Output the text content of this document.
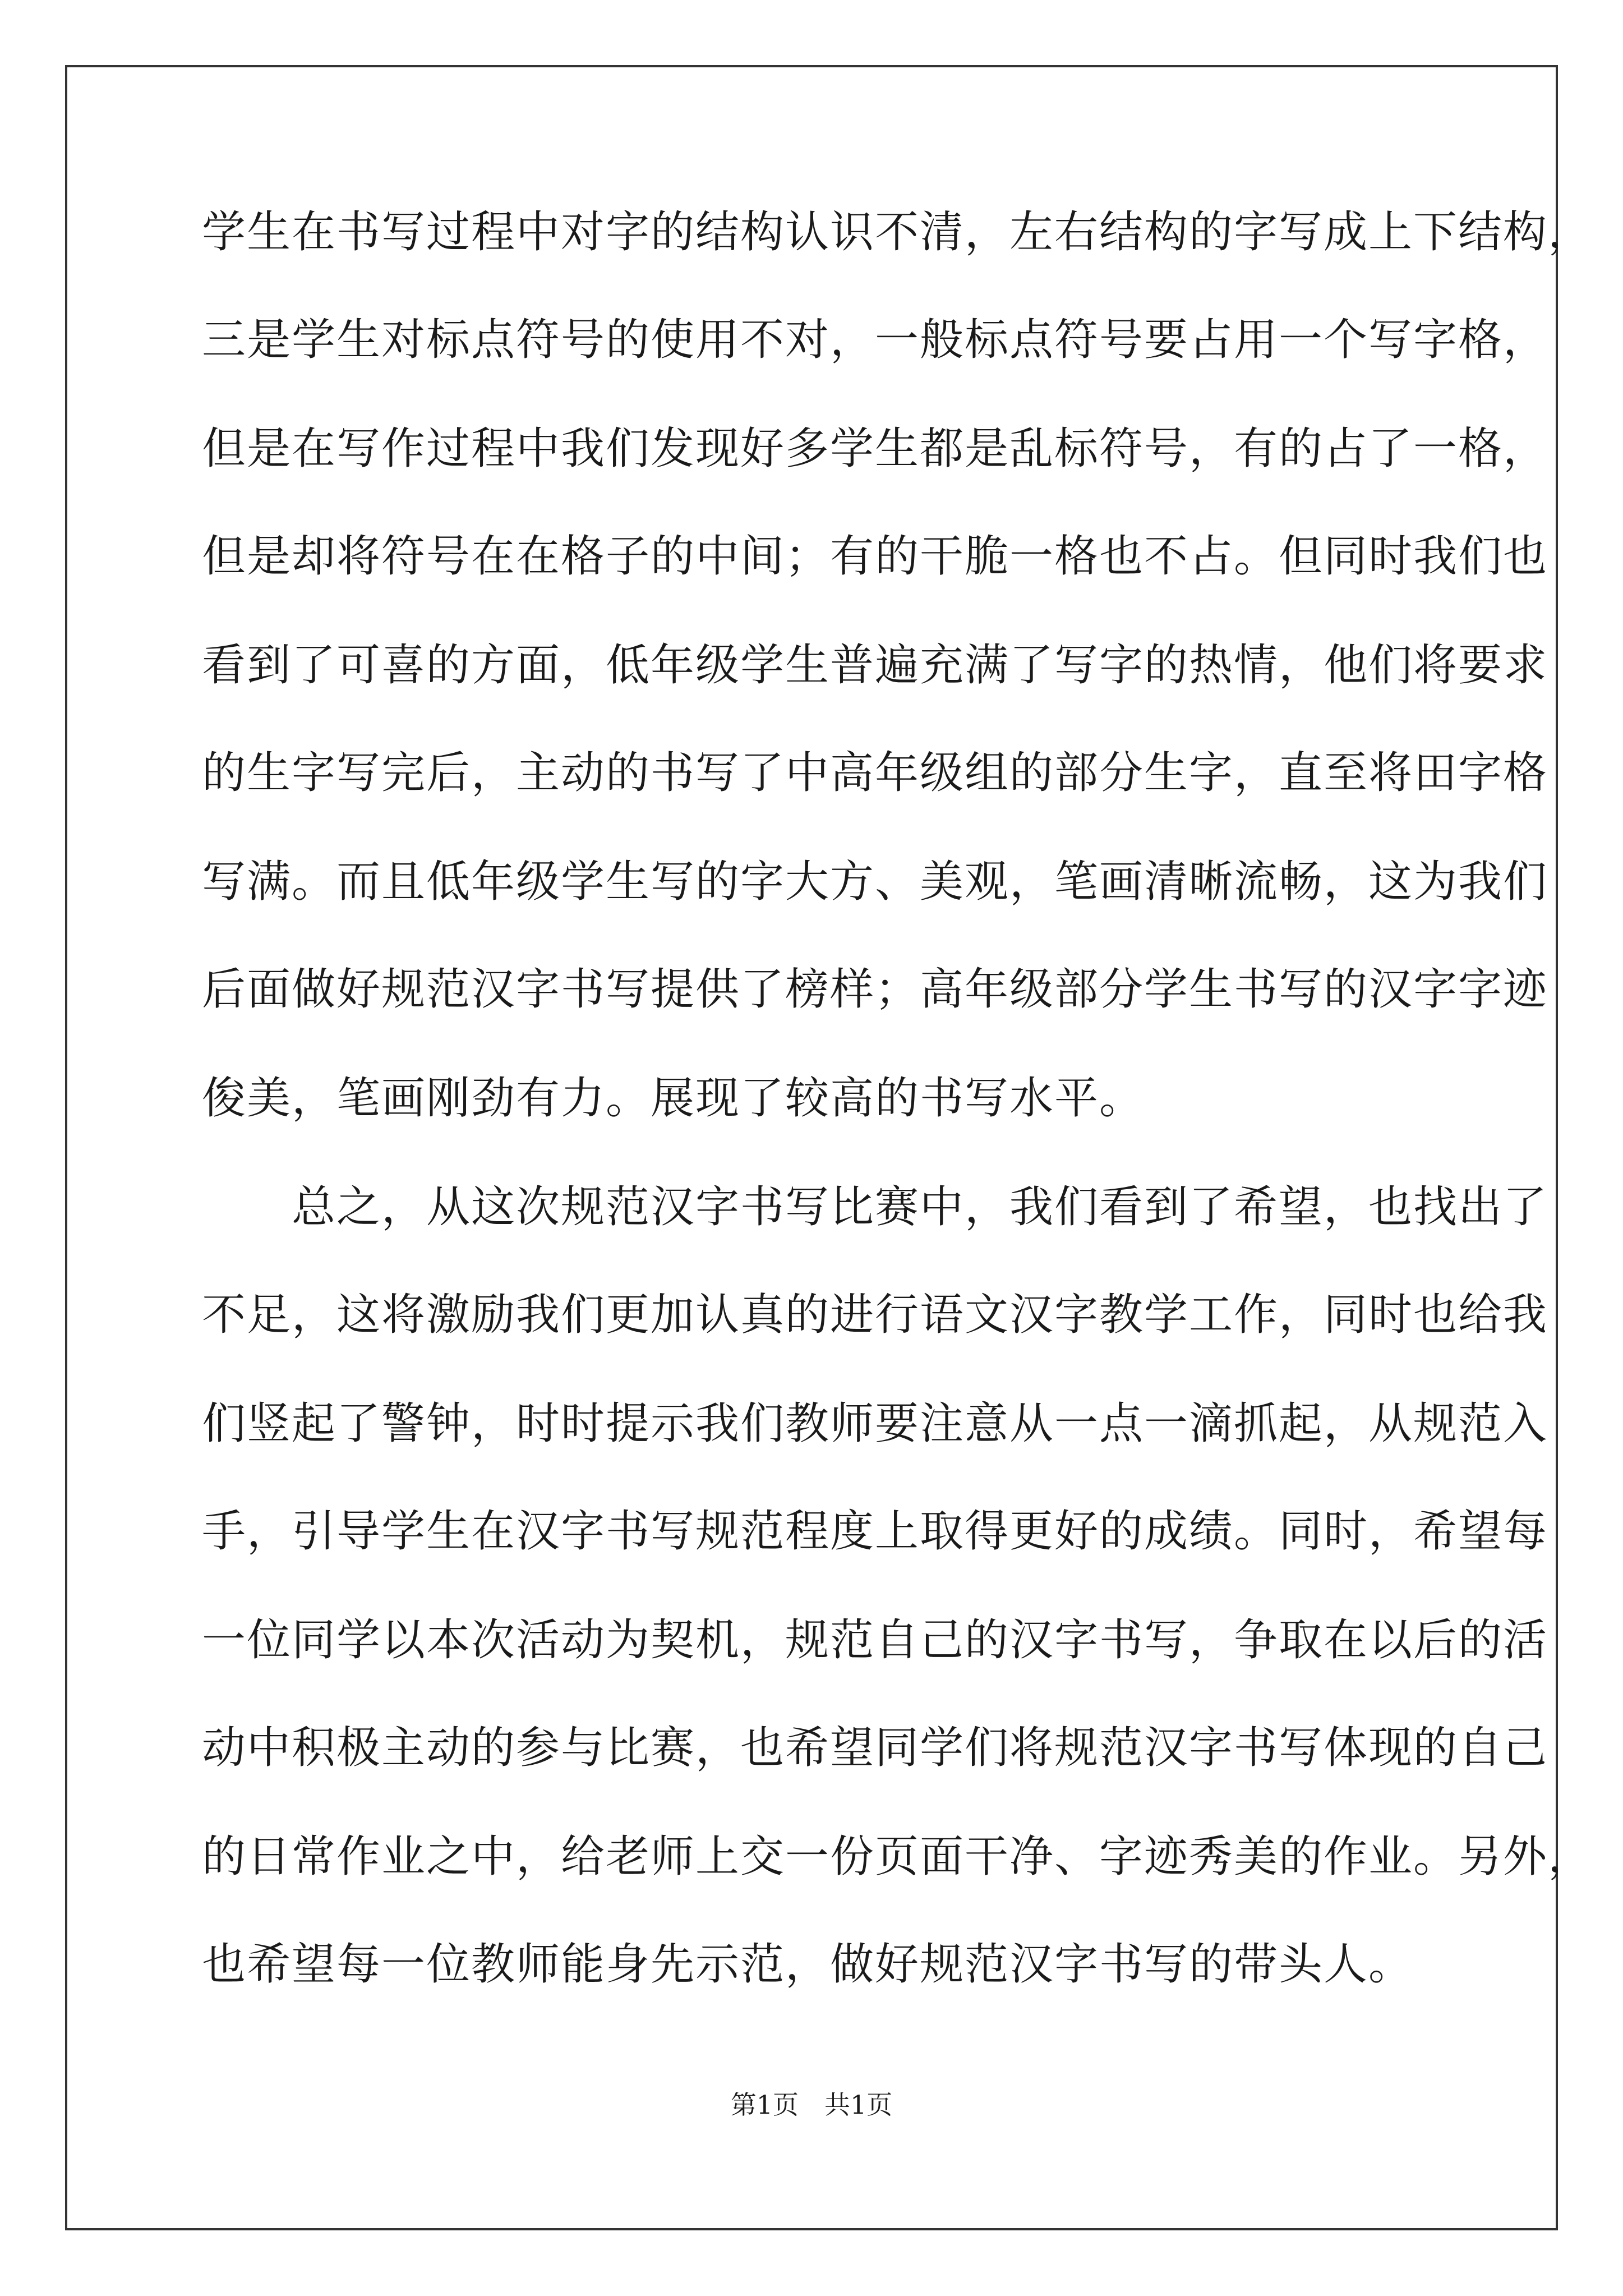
学生在书写过程中对字的结构认识不清，左右结构的字写成上下结构，
三是学生对标点符号的使用不对，一般标点符号要占用一个写字格，
但是在写作过程中我们发现好多学生都是乱标符号，有的占了一格，
但是却将符号在在格子的中间；有的干脆一格也不占。但同时我们也
看到了可喜的方面，低年级学生普遍充满了写字的热情，他们将要求
的生字写完后，主动的书写了中高年级组的部分生字，直至将田字格
写满。而且低年级学生写的字大方、美观，笔画清晰流畅，这为我们
后面做好规范汉字书写提供了榜样；高年级部分学生书写的汉字字迹
俊美，笔画刚劲有力。展现了较高的书写水平。
　　总之，从这次规范汉字书写比赛中，我们看到了希望，也找出了
不足，这将激励我们更加认真的进行语文汉字教学工作，同时也给我
们竖起了警钟，时时提示我们教师要注意从一点一滴抓起，从规范入
手，引导学生在汉字书写规范程度上取得更好的成绩。同时，希望每
一位同学以本次活动为契机，规范自己的汉字书写，争取在以后的活
动中积极主动的参与比赛，也希望同学们将规范汉字书写体现的自己
的日常作业之中，给老师上交一份页面干净、字迹秀美的作业。另外，
也希望每一位教师能身先示范，做好规范汉字书写的带头人。
第1页 共1页
